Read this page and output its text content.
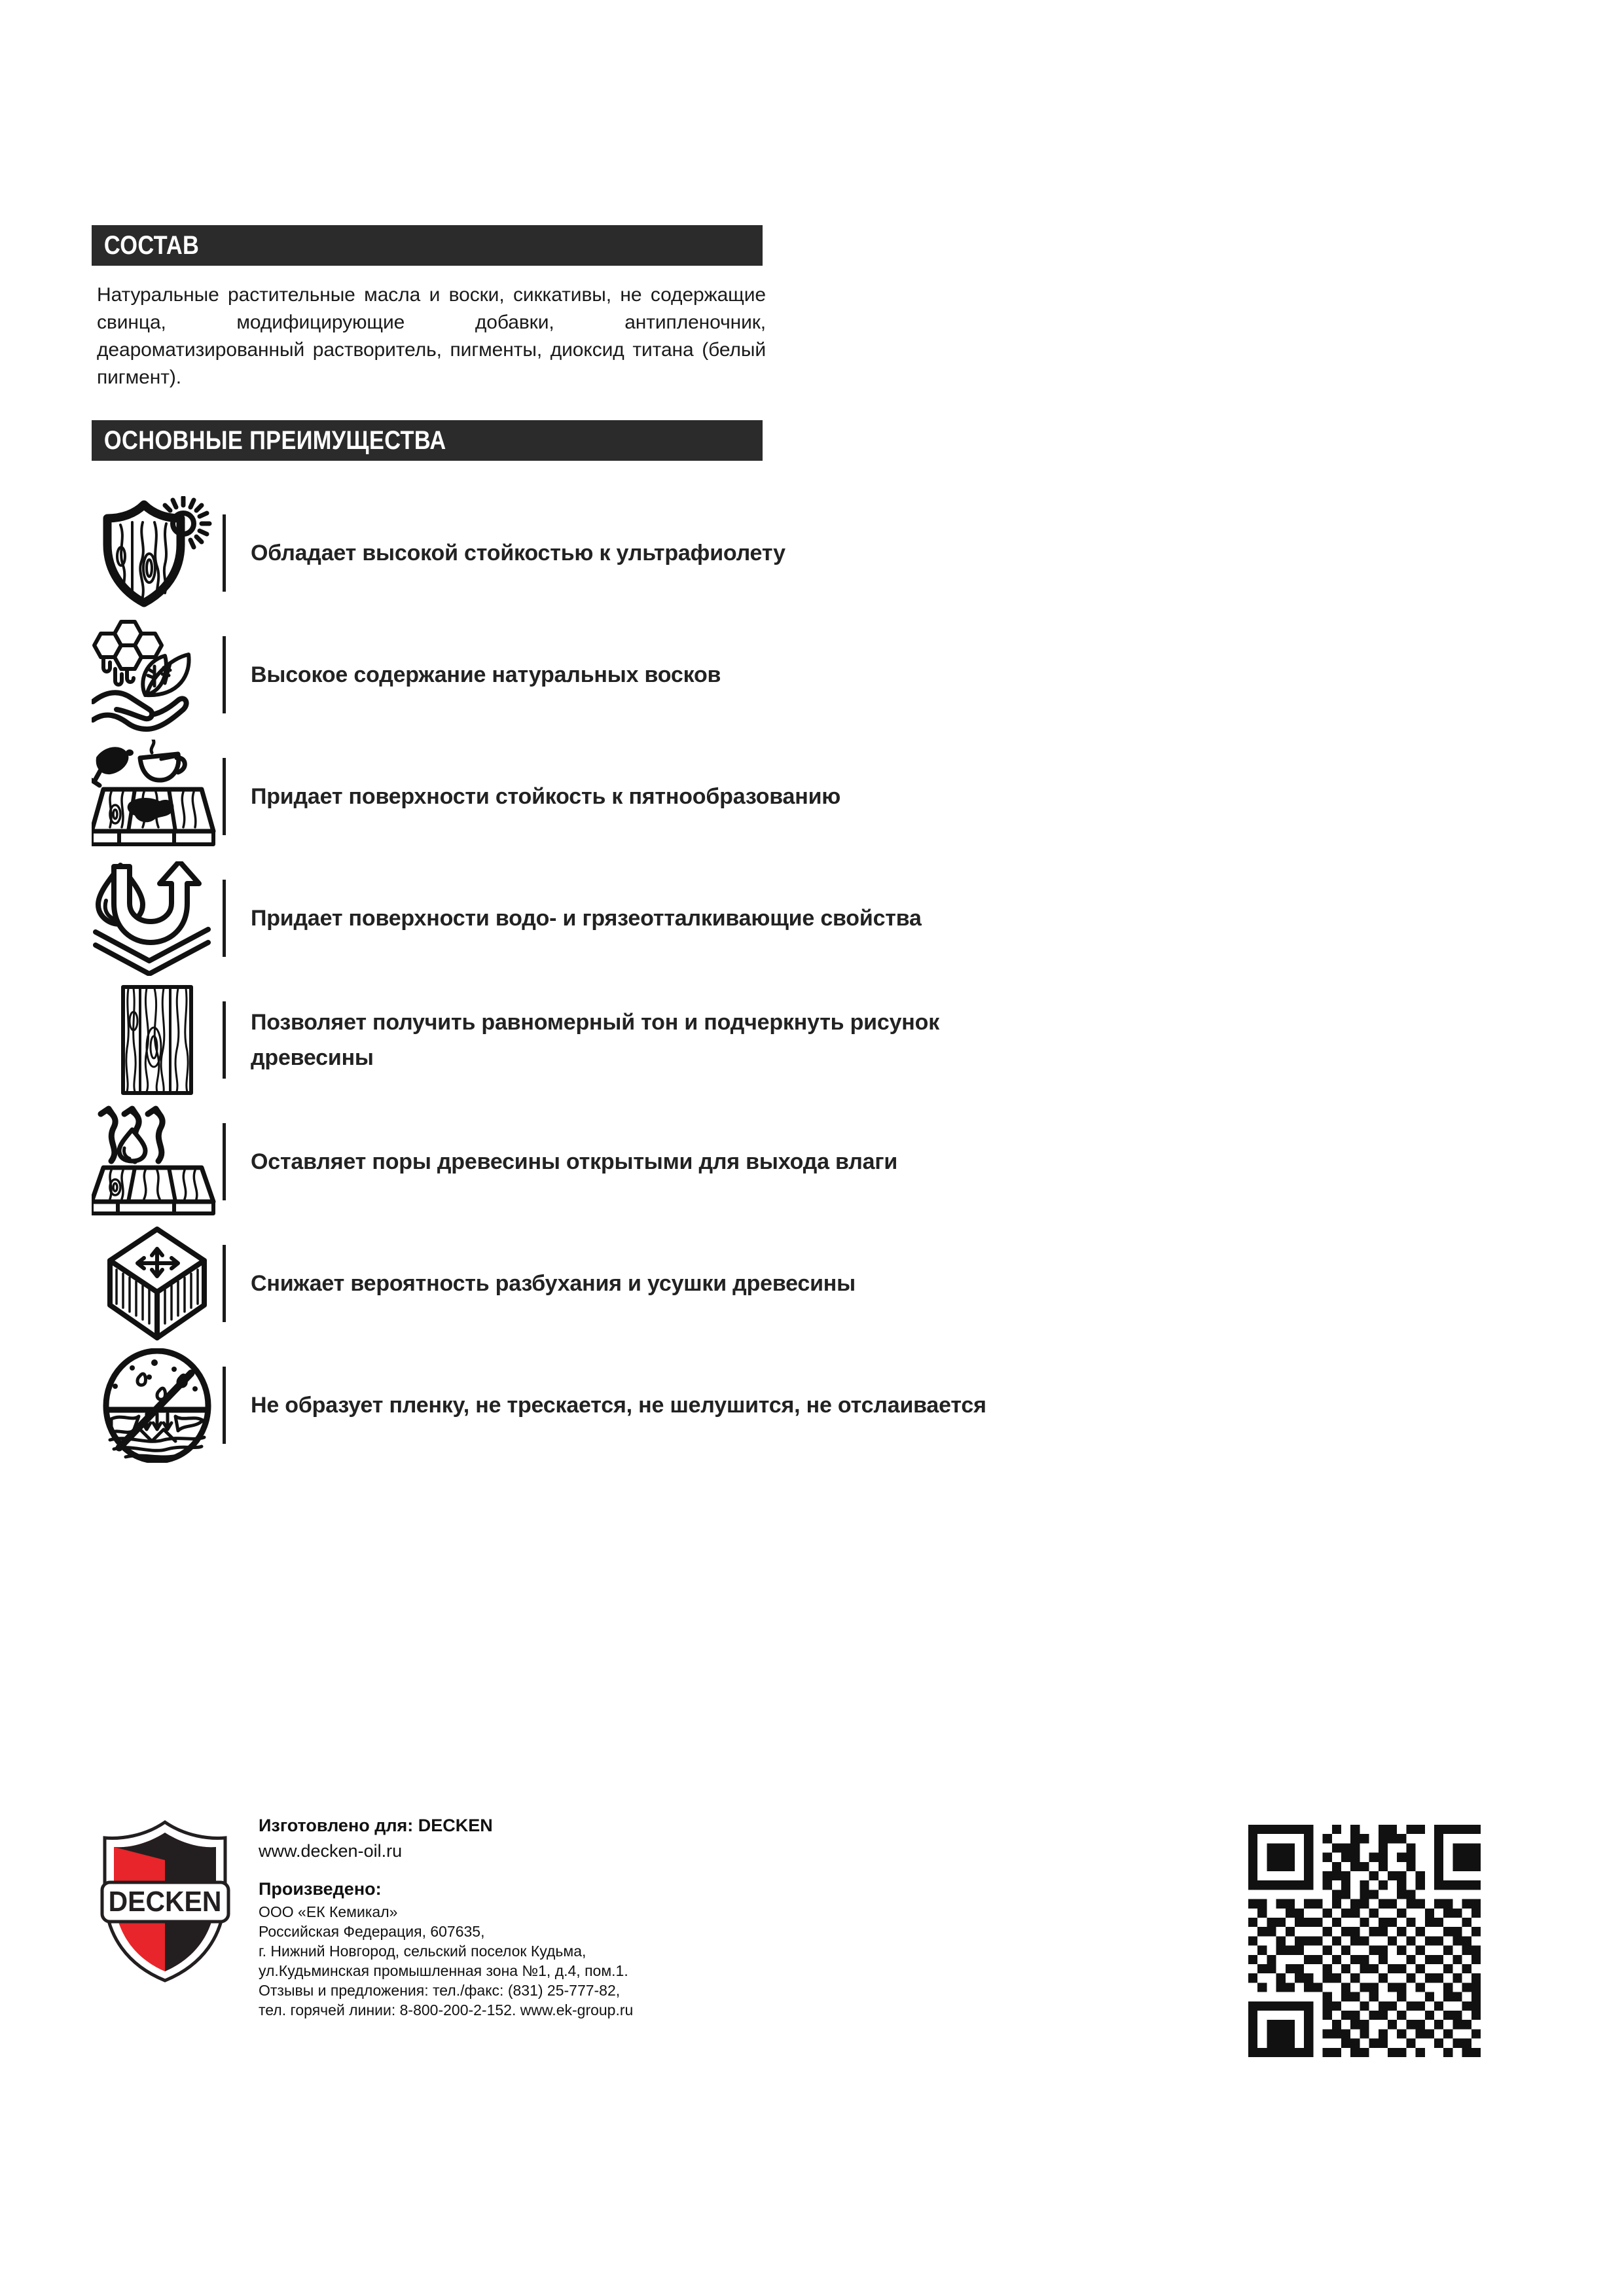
СОСТАВ
Натуральные растительные масла и воски, сиккативы, не содержащие свинца, модифицирующие добавки, антипленочник, деароматизированный растворитель, пигменты, диоксид титана (белый пигмент).
ОСНОВНЫЕ ПРЕИМУЩЕСТВА
Обладает высокой стойкостью к ультрафиолету
Высокое содержание натуральных восков
Придает поверхности стойкость к пятнообразованию
Придает поверхности водо- и грязеотталкивающие свойства
Позволяет получить равномерный тон и подчеркнуть рисунок древесины
Оставляет поры древесины открытыми для выхода влаги
Снижает вероятность разбухания и усушки древесины
Не образует пленку, не трескается, не шелушится, не отслаивается
DECKEN
Изготовлено для: DECKEN
www.decken-oil.ru
Произведено:
ООО «ЕК Кемикал»
Российская Федерация, 607635,
г. Нижний Новгород, сельский поселок Кудьма,
ул.Кудьминская промышленная зона №1, д.4, пом.1.
Отзывы и предложения: тел./факс: (831) 25-777-82,
тел. горячей линии: 8-800-200-2-152. www.ek-group.ru
